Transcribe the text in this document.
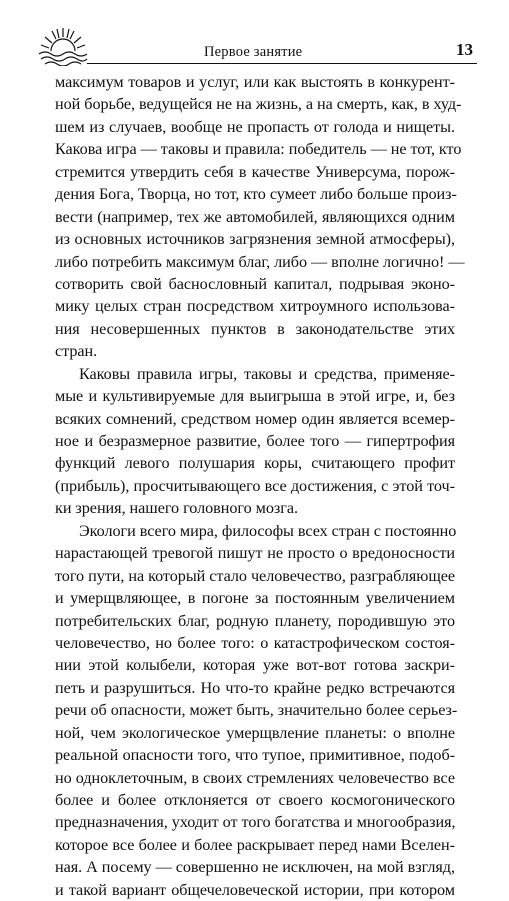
Первое занятие	13

максимум товаров и услуг, или как выстоять в конкурент-
ной борьбе, ведущейся не на жизнь, а на смерть, как, в худ-
шем из случаев, вообще не пропасть от голода и нищеты.
Какова игра — таковы и правила: победитель — не тот, кто
стремится утвердить себя в качестве Универсума, порож-
дения Бога, Творца, но тот, кто сумеет либо больше произ-
вести (например, тех же автомобилей, являющихся одним
из основных источников загрязнения земной атмосферы),
либо потребить максимум благ, либо — вполне логично! —
сотворить свой баснословный капитал, подрывая эконо-
мику целых стран посредством хитроумного использова-
ния несовершенных пунктов в законодательстве этих
стран.

Каковы правила игры, таковы и средства, применяе-
мые и культивируемые для выигрыша в этой игре, и, без
всяких сомнений, средством номер один является всемер-
ное и безразмерное развитие, более того — гипертрофия
функций левого полушария коры, считающего профит
(прибыль), просчитывающего все достижения, с этой точ-
ки зрения, нашего головного мозга.

Экологи всего мира, философы всех стран с постоянно
нарастающей тревогой пишут не просто о вредоносности
того пути, на который стало человечество, разграбляющее
и умерщвляющее, в погоне за постоянным увеличением
потребительских благ, родную планету, породившую это
человечество, но более того: о катастрофическом состоя-
нии этой колыбели, которая уже вот-вот готова заскри-
петь и разрушиться. Но что-то крайне редко встречаются
речи об опасности, может быть, значительно более серьез-
ной, чем экологическое умерщвление планеты: о вполне
реальной опасности того, что тупое, примитивное, подоб-
но одноклеточным, в своих стремлениях человечество все
более и более отклоняется от своего космогонического
предназначения, уходит от того богатства и многообразия,
которое все более и более раскрывает перед нами Вселен-
ная. А посему — совершенно не исключен, на мой взгляд,
и такой вариант общечеловеческой истории, при котором
